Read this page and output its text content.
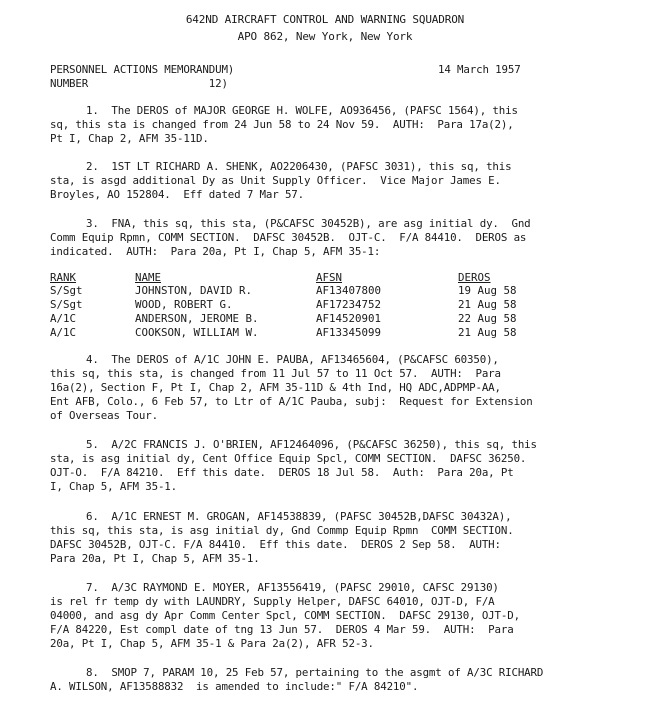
642ND AIRCRAFT CONTROL AND WARNING SQUADRON
APO 862, New York, New York
PERSONNEL ACTIONS MEMORANDUM)
NUMBER                   12)
14 March 1957
1.  The DEROS of MAJOR GEORGE H. WOLFE, AO936456, (PAFSC 1564), this
sq, this sta is changed from 24 Jun 58 to 24 Nov 59.  AUTH:  Para 17a(2),
Pt I, Chap 2, AFM 35-11D.
2.  1ST LT RICHARD A. SHENK, AO2206430, (PAFSC 3031), this sq, this
sta, is asgd additional Dy as Unit Supply Officer.  Vice Major James E.
Broyles, AO 152804.  Eff dated 7 Mar 57.
3.  FNA, this sq, this sta, (P&CAFSC 30452B), are asg initial dy.  Gnd
Comm Equip Rpmn, COMM SECTION.  DAFSC 30452B.  OJT-C.  F/A 84410.  DEROS as
indicated.  AUTH:  Para 20a, Pt I, Chap 5, AFM 35-1:
RANK	NAME	AFSN	DEROS
S/Sgt	JOHNSTON, DAVID R.	AF13407800	19 Aug 58
S/Sgt	WOOD, ROBERT G.	AF17234752	21 Aug 58
A/1C	ANDERSON, JEROME B.	AF14520901	22 Aug 58
A/1C	COOKSON, WILLIAM W.	AF13345099	21 Aug 58
4.  The DEROS of A/1C JOHN E. PAUBA, AF13465604, (P&CAFSC 60350),
this sq, this sta, is changed from 11 Jul 57 to 11 Oct 57.  AUTH:  Para
16a(2), Section F, Pt I, Chap 2, AFM 35-11D & 4th Ind, HQ ADC,ADPMP-AA,
Ent AFB, Colo., 6 Feb 57, to Ltr of A/1C Pauba, subj:  Request for Extension
of Overseas Tour.
5.  A/2C FRANCIS J. O'BRIEN, AF12464096, (P&CAFSC 36250), this sq, this
sta, is asg initial dy, Cent Office Equip Spcl, COMM SECTION.  DAFSC 36250.
OJT-O.  F/A 84210.  Eff this date.  DEROS 18 Jul 58.  Auth:  Para 20a, Pt
I, Chap 5, AFM 35-1.
6.  A/1C ERNEST M. GROGAN, AF14538839, (PAFSC 30452B,DAFSC 30432A),
this sq, this sta, is asg initial dy, Gnd Commp Equip Rpmn  COMM SECTION.
DAFSC 30452B, OJT-C. F/A 84410.  Eff this date.  DEROS 2 Sep 58.  AUTH:
Para 20a, Pt I, Chap 5, AFM 35-1.
7.  A/3C RAYMOND E. MOYER, AF13556419, (PAFSC 29010, CAFSC 29130)
is rel fr temp dy with LAUNDRY, Supply Helper, DAFSC 64010, OJT-D, F/A
04000, and asg dy Apr Comm Center Spcl, COMM SECTION.  DAFSC 29130, OJT-D,
F/A 84220, Est compl date of tng 13 Jun 57.  DEROS 4 Mar 59.  AUTH:  Para
20a, Pt I, Chap 5, AFM 35-1 & Para 2a(2), AFR 52-3.
8.  SMOP 7, PARAM 10, 25 Feb 57, pertaining to the asgmt of A/3C RICHARD
A. WILSON, AF13588832  is amended to include:" F/A 84210".
